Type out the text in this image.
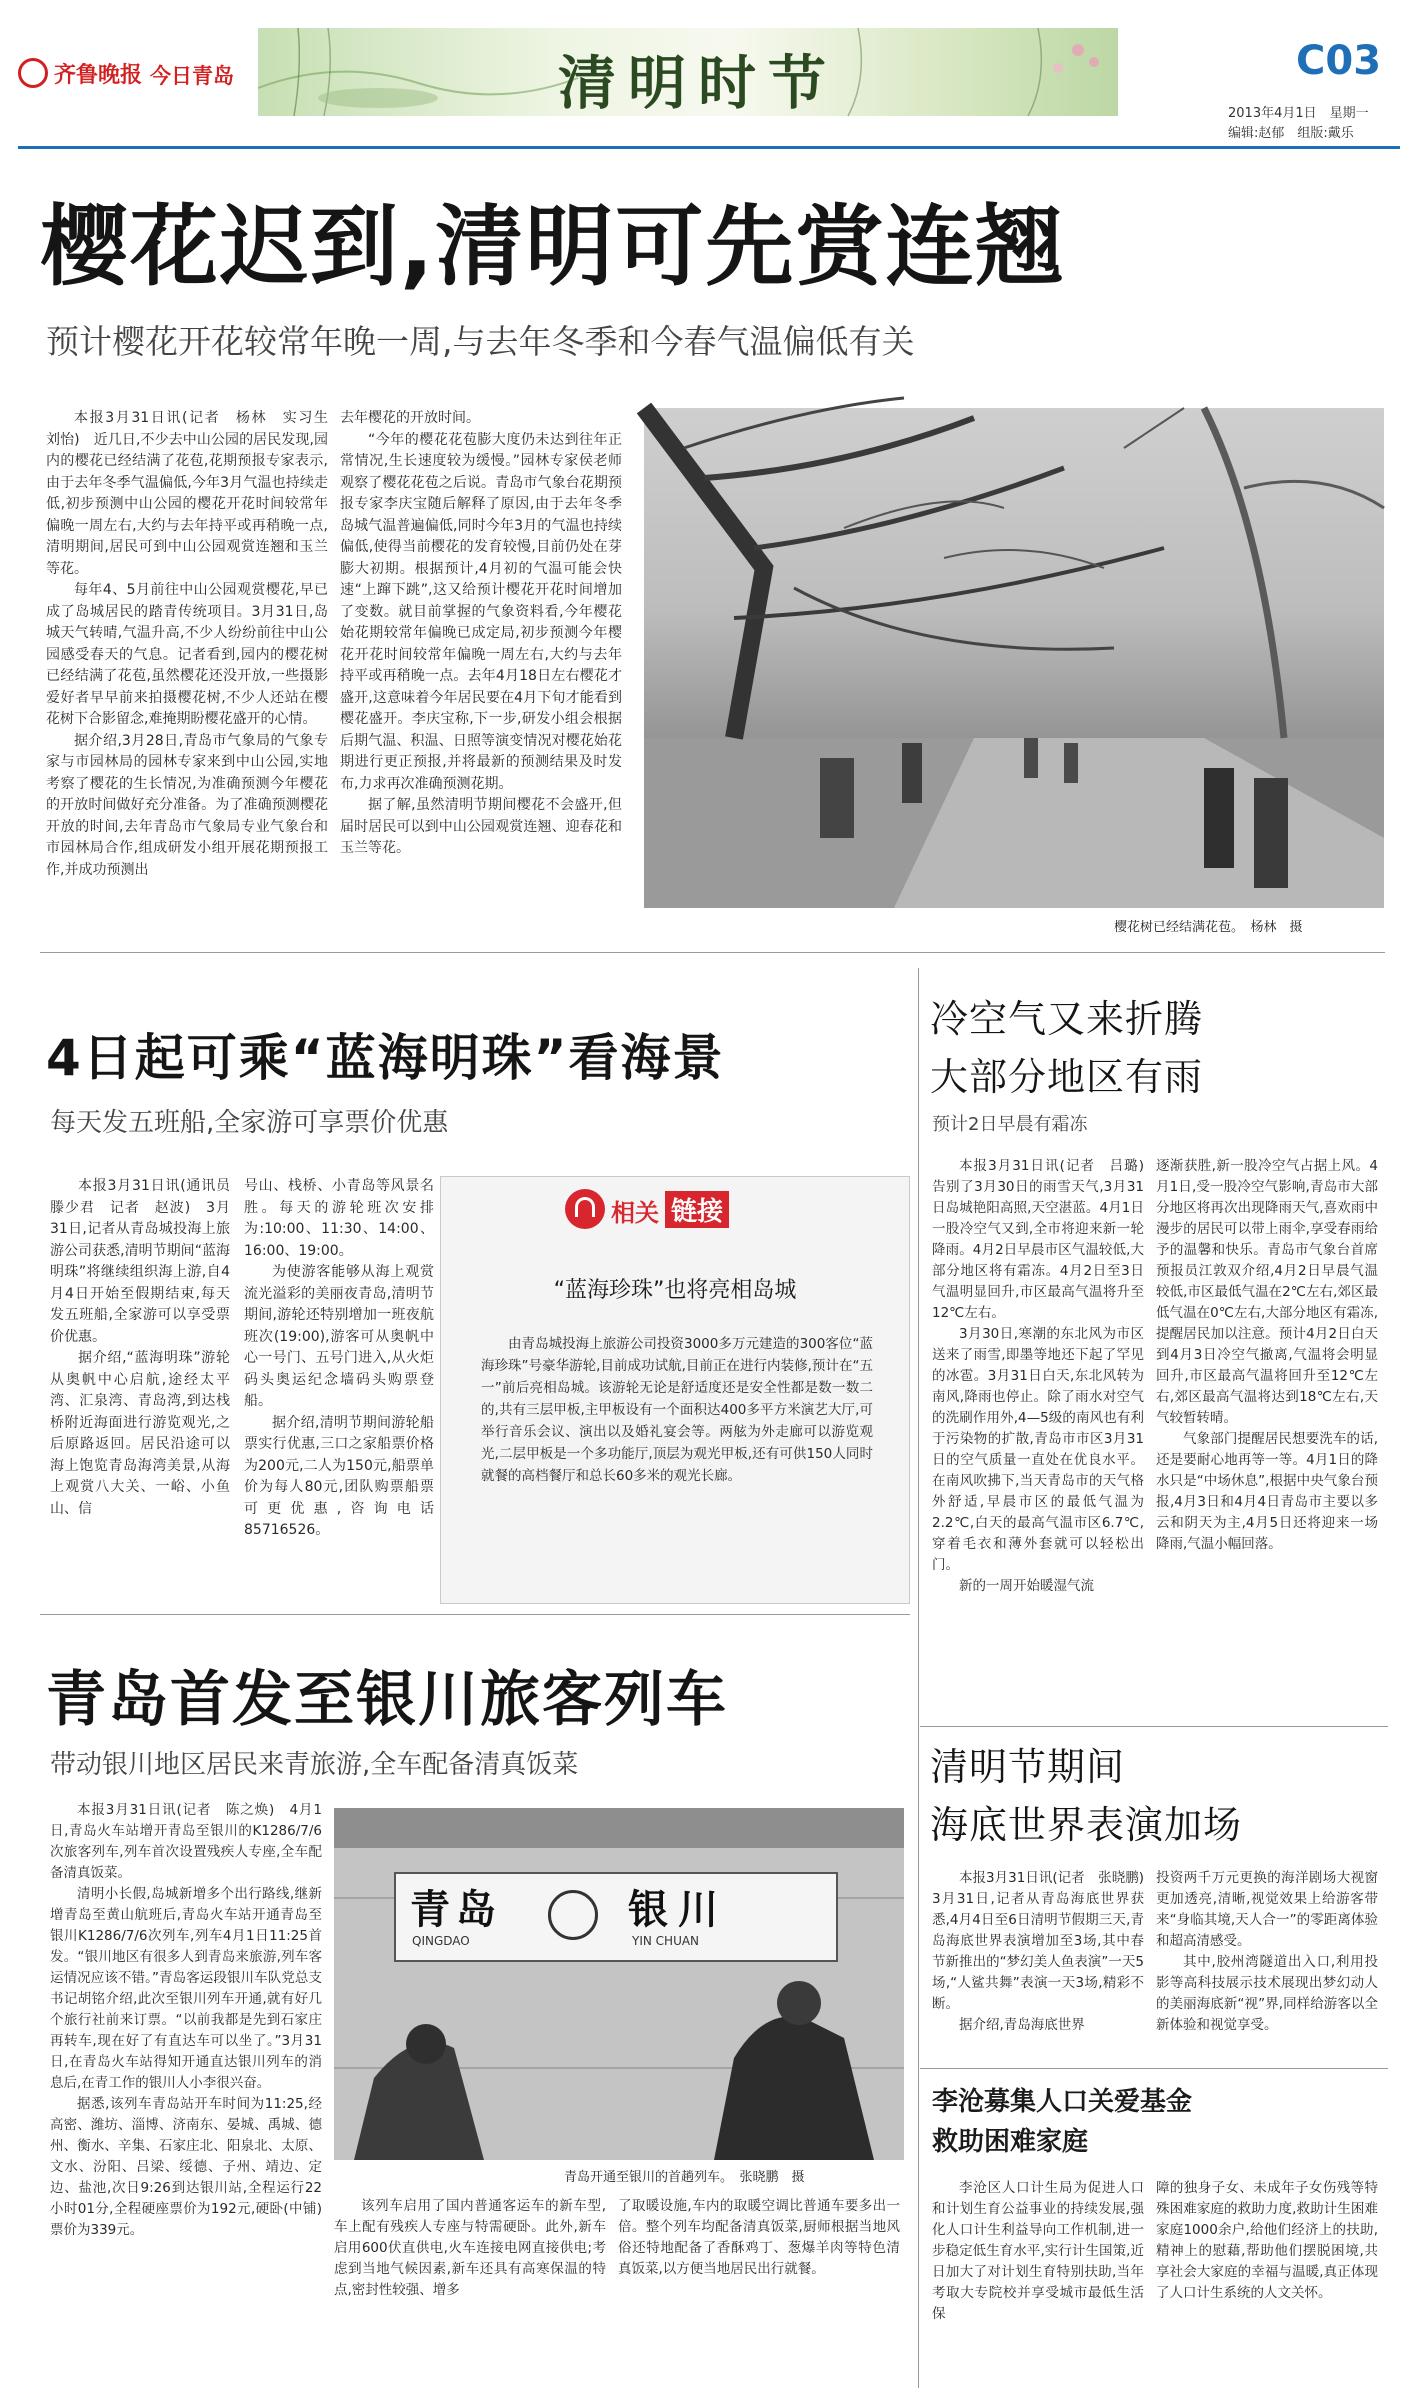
齐鲁晚报 今日青岛	清明时节	C03
2013年4月1日　星期一
编辑:赵郁　组版:戴乐
樱花迟到,清明可先赏连翘
预计樱花开花较常年晚一周,与去年冬季和今春气温偏低有关

本报3月31日讯(记者　杨林　实习生　刘怡)　近几日,不少去中山公园的居民发现,园内的樱花已经结满了花苞,花期预报专家表示,由于去年冬季气温偏低,今年3月气温也持续走低,初步预测中山公园的樱花开花时间较常年偏晚一周左右,大约与去年持平或再稍晚一点,清明期间,居民可到中山公园观赏连翘和玉兰等花。

每年4、5月前往中山公园观赏樱花,早已成了岛城居民的踏青传统项目。3月31日,岛城天气转晴,气温升高,不少人纷纷前往中山公园感受春天的气息。记者看到,园内的樱花树已经结满了花苞,虽然樱花还没开放,一些摄影爱好者早早前来拍摄樱花树,不少人还站在樱花树下合影留念,难掩期盼樱花盛开的心情。

据介绍,3月28日,青岛市气象局的气象专家与市园林局的园林专家来到中山公园,实地考察了樱花的生长情况,为准确预测今年樱花的开放时间做好充分准备。为了准确预测樱花开放的时间,去年青岛市气象局专业气象台和市园林局合作,组成研发小组开展花期预报工作,并成功预测出

去年樱花的开放时间。

“今年的樱花花苞膨大度仍未达到往年正常情况,生长速度较为缓慢。”园林专家侯老师观察了樱花花苞之后说。青岛市气象台花期预报专家李庆宝随后解释了原因,由于去年冬季岛城气温普遍偏低,同时今年3月的气温也持续偏低,使得当前樱花的发育较慢,目前仍处在芽膨大初期。根据预计,4月初的气温可能会快速“上蹿下跳”,这又给预计樱花开花时间增加了变数。就目前掌握的气象资料看,今年樱花始花期较常年偏晚已成定局,初步预测今年樱花开花时间较常年偏晚一周左右,大约与去年持平或再稍晚一点。去年4月18日左右樱花才盛开,这意味着今年居民要在4月下旬才能看到樱花盛开。李庆宝称,下一步,研发小组会根据后期气温、积温、日照等演变情况对樱花始花期进行更正预报,并将最新的预测结果及时发布,力求再次准确预测花期。

据了解,虽然清明节期间樱花不会盛开,但届时居民可以到中山公园观赏连翘、迎春花和玉兰等花。

樱花树已经结满花苞。　杨林　摄
4日起可乘“蓝海明珠”看海景
每天发五班船,全家游可享票价优惠

本报3月31日讯(通讯员　滕少君　记者　赵波)　3月31日,记者从青岛城投海上旅游公司获悉,清明节期间“蓝海明珠”将继续组织海上游,自4月4日开始至假期结束,每天发五班船,全家游可以享受票价优惠。

据介绍,“蓝海明珠”游轮从奥帆中心启航,途经太平湾、汇泉湾、青岛湾,到达栈桥附近海面进行游览观光,之后原路返回。居民沿途可以海上饱览青岛海湾美景,从海上观赏八大关、一峪、小鱼山、信

号山、栈桥、小青岛等风景名胜。每天的游轮班次安排为:10:00、11:30、14:00、16:00、19:00。

为使游客能够从海上观赏流光溢彩的美丽夜青岛,清明节期间,游轮还特别增加一班夜航班次(19:00),游客可从奥帆中心一号门、五号门进入,从火炬码头奥运纪念墙码头购票登船。

据介绍,清明节期间游轮船票实行优惠,三口之家船票价格为200元,二人为150元,船票单价为每人80元,团队购票船票可更优惠,咨询电话85716526。

相关 链接
“蓝海珍珠”也将亮相岛城

由青岛城投海上旅游公司投资3000多万元建造的300客位“蓝海珍珠”号豪华游轮,目前成功试航,目前正在进行内装修,预计在“五一”前后亮相岛城。该游轮无论是舒适度还是安全性都是数一数二的,共有三层甲板,主甲板设有一个面积达400多平方米演艺大厅,可举行音乐会议、演出以及婚礼宴会等。两舷为外走廊可以游览观光,二层甲板是一个多功能厅,顶层为观光甲板,还有可供150人同时就餐的高档餐厅和总长60多米的观光长廊。

冷空气又来折腾
大部分地区有雨
预计2日早晨有霜冻

本报3月31日讯(记者　吕璐)　告别了3月30日的雨雪天气,3月31日岛城艳阳高照,天空湛蓝。4月1日一股冷空气又到,全市将迎来新一轮降雨。4月2日早晨市区气温较低,大部分地区将有霜冻。4月2日至3日气温明显回升,市区最高气温将升至12℃左右。

3月30日,寒潮的东北风为市区送来了雨雪,即墨等地还下起了罕见的冰雹。3月31日白天,东北风转为南风,降雨也停止。除了雨水对空气的洗刷作用外,4—5级的南风也有利于污染物的扩散,青岛市市区3月31日的空气质量一直处在优良水平。在南风吹拂下,当天青岛市的天气格外舒适,早晨市区的最低气温为2.2℃,白天的最高气温市区6.7℃,穿着毛衣和薄外套就可以轻松出门。

新的一周开始暖湿气流

逐渐获胜,新一股冷空气占据上风。4月1日,受一股冷空气影响,青岛市大部分地区将再次出现降雨天气,喜欢雨中漫步的居民可以带上雨伞,享受春雨给予的温馨和快乐。青岛市气象台首席预报员江敦双介绍,4月2日早晨气温较低,市区最低气温在2℃左右,郊区最低气温在0℃左右,大部分地区有霜冻,提醒居民加以注意。预计4月2日白天到4月3日冷空气撤离,气温将会明显回升,市区最高气温将回升至12℃左右,郊区最高气温将达到18℃左右,天气较暂转晴。

气象部门提醒居民想要洗车的话,还是要耐心地再等一等。4月1日的降水只是“中场休息”,根据中央气象台预报,4月3日和4月4日青岛市主要以多云和阴天为主,4月5日还将迎来一场降雨,气温小幅回落。

青岛首发至银川旅客列车
带动银川地区居民来青旅游,全车配备清真饭菜

本报3月31日讯(记者　陈之焕)　4月1日,青岛火车站增开青岛至银川的K1286/7/6次旅客列车,列车首次设置残疾人专座,全车配备清真饭菜。

清明小长假,岛城新增多个出行路线,继新增青岛至黄山航班后,青岛火车站开通青岛至银川K1286/7/6次列车,列车4月1日11:25首发。“银川地区有很多人到青岛来旅游,列车客运情况应该不错。”青岛客运段银川车队党总支书记胡铭介绍,此次至银川列车开通,就有好几个旅行社前来订票。“以前我都是先到石家庄再转车,现在好了有直达车可以坐了。”3月31日,在青岛火车站得知开通直达银川列车的消息后,在青工作的银川人小李很兴奋。

据悉,该列车青岛站开车时间为11:25,经高密、潍坊、淄博、济南东、晏城、禹城、德州、衡水、辛集、石家庄北、阳泉北、太原、文水、汾阳、吕梁、绥德、子州、靖边、定边、盐池,次日9:26到达银川站,全程运行22小时01分,全程硬座票价为192元,硬卧(中铺)票价为339元。

青岛
QINGDAO
银川
YIN CHUAN
青岛开通至银川的首趟列车。　张晓鹏　摄

该列车启用了国内普通客运车的新车型,车上配有残疾人专座与特需硬卧。此外,新车启用600伏直供电,火车连接电网直接供电;考虑到当地气候因素,新车还具有高寒保温的特点,密封性较强、增多

了取暖设施,车内的取暖空调比普通车要多出一倍。整个列车均配备清真饭菜,厨师根据当地风俗还特地配备了香酥鸡丁、葱爆羊肉等特色清真饭菜,以方便当地居民出行就餐。

清明节期间
海底世界表演加场

本报3月31日讯(记者　张晓鹏)　3月31日,记者从青岛海底世界获悉,4月4日至6日清明节假期三天,青岛海底世界表演增加至3场,其中春节新推出的“梦幻美人鱼表演”一天5场,“人鲨共舞”表演一天3场,精彩不断。

据介绍,青岛海底世界

投资两千万元更换的海洋剧场大视窗更加透亮,清晰,视觉效果上给游客带来“身临其境,天人合一”的零距离体验和超高清感受。

其中,胶州湾隧道出入口,利用投影等高科技展示技术展现出梦幻动人的美丽海底新“视”界,同样给游客以全新体验和视觉享受。

李沧募集人口关爱基金
救助困难家庭

李沧区人口计生局为促进人口和计划生育公益事业的持续发展,强化人口计生利益导向工作机制,进一步稳定低生育水平,实行计生国策,近日加大了对计划生育特别扶助,当年考取大专院校并享受城市最低生活保

障的独身子女、未成年子女伤残等特殊困难家庭的救助力度,救助计生困难家庭1000余户,给他们经济上的扶助,精神上的慰藉,帮助他们摆脱困境,共享社会大家庭的幸福与温暖,真正体现了人口计生系统的人文关怀。
